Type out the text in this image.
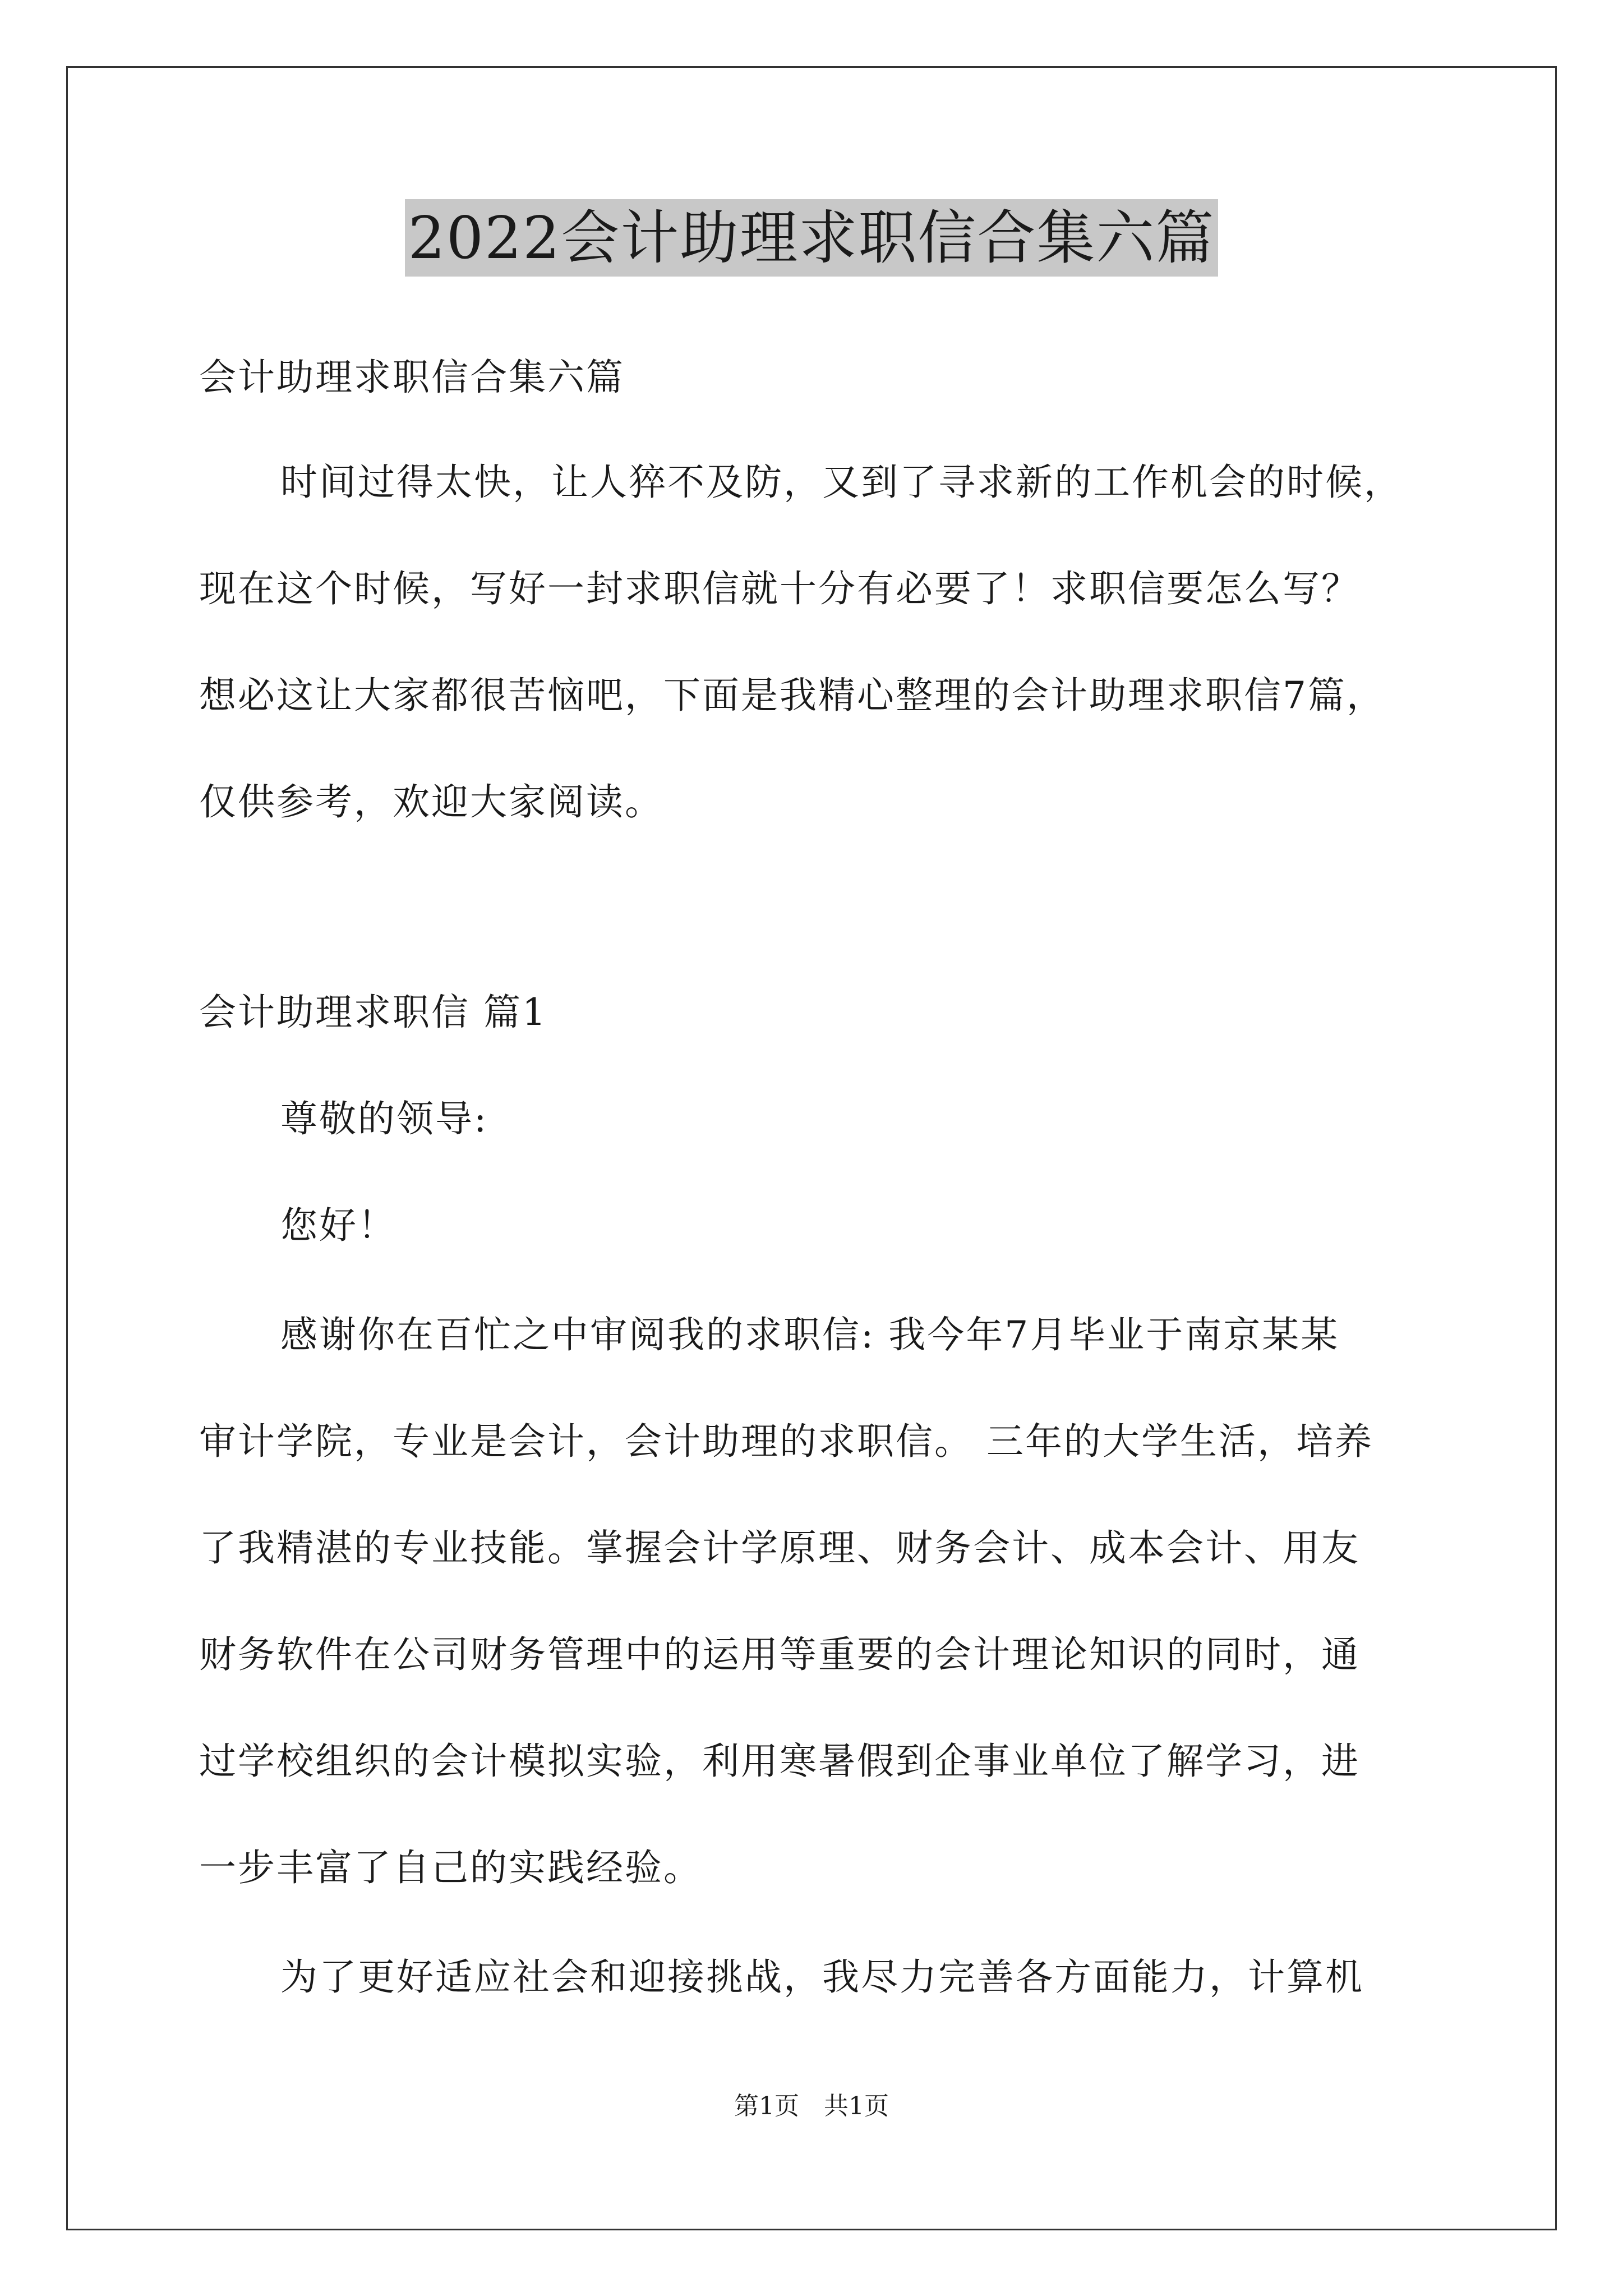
2022会计助理求职信合集六篇
会计助理求职信合集六篇
时间过得太快，让人猝不及防，又到了寻求新的工作机会的时候，
现在这个时候，写好一封求职信就十分有必要了！求职信要怎么写？
想必这让大家都很苦恼吧，下面是我精心整理的会计助理求职信7篇，
仅供参考，欢迎大家阅读。
会计助理求职信 篇1
尊敬的领导:
您好！
感谢你在百忙之中审阅我的求职信: 我今年7月毕业于南京某某
审计学院，专业是会计，会计助理的求职信。 三年的大学生活，培养
了我精湛的专业技能。掌握会计学原理、财务会计、成本会计、用友
财务软件在公司财务管理中的运用等重要的会计理论知识的同时，通
过学校组织的会计模拟实验，利用寒暑假到企事业单位了解学习，进
一步丰富了自己的实践经验。
为了更好适应社会和迎接挑战，我尽力完善各方面能力，计算机
第1页　共1页
